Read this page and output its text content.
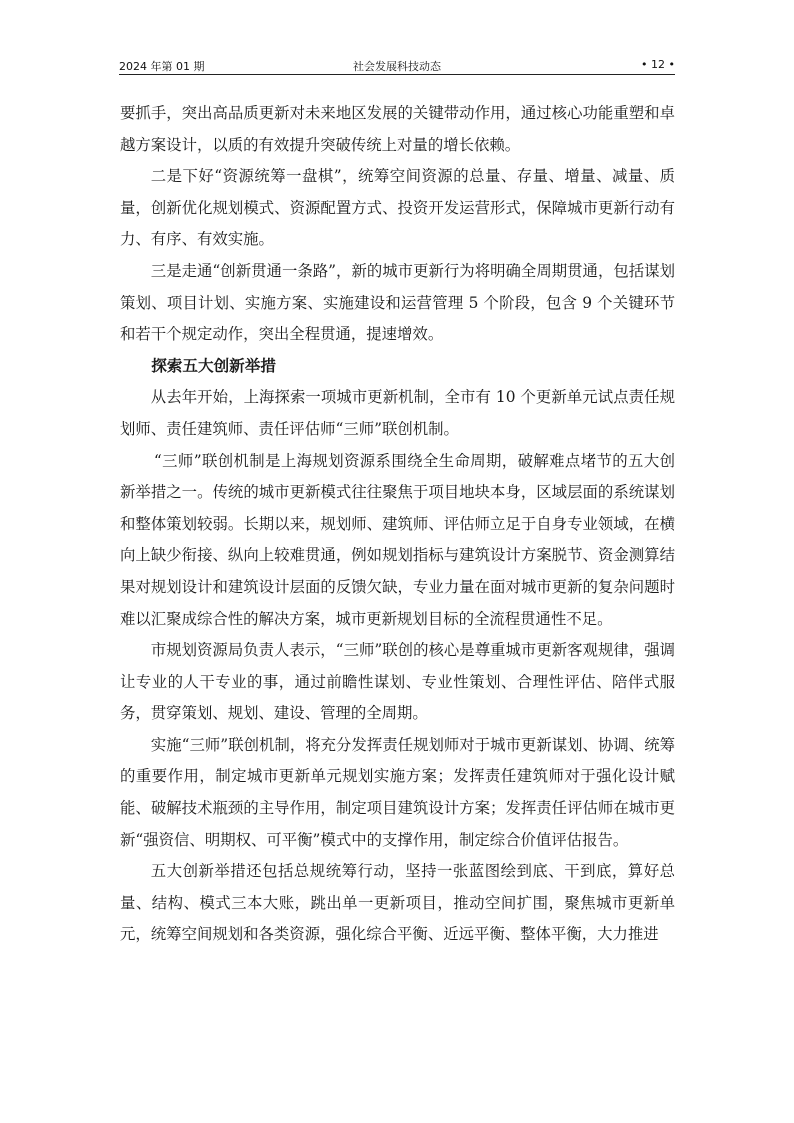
2024 年第 01 期	社会发展科技动态	• 12 •

要抓手，突出高品质更新对未来地区发展的关键带动作用，通过核心功能重塑和卓越方案设计，以质的有效提升突破传统上对量的增长依赖。

二是下好“资源统筹一盘棋”，统筹空间资源的总量、存量、增量、减量、质量，创新优化规划模式、资源配置方式、投资开发运营形式，保障城市更新行动有力、有序、有效实施。

三是走通“创新贯通一条路”，新的城市更新行为将明确全周期贯通，包括谋划策划、项目计划、实施方案、实施建设和运营管理 5 个阶段，包含 9 个关键环节和若干个规定动作，突出全程贯通，提速增效。

探索五大创新举措

从去年开始，上海探索一项城市更新机制，全市有 10 个更新单元试点责任规划师、责任建筑师、责任评估师“三师”联创机制。

“三师”联创机制是上海规划资源系围绕全生命周期，破解难点堵节的五大创新举措之一。传统的城市更新模式往往聚焦于项目地块本身，区域层面的系统谋划和整体策划较弱。长期以来，规划师、建筑师、评估师立足于自身专业领域，在横向上缺少衔接、纵向上较难贯通，例如规划指标与建筑设计方案脱节、资金测算结果对规划设计和建筑设计层面的反馈欠缺，专业力量在面对城市更新的复杂问题时难以汇聚成综合性的解决方案，城市更新规划目标的全流程贯通性不足。

市规划资源局负责人表示，“三师”联创的核心是尊重城市更新客观规律，强调让专业的人干专业的事，通过前瞻性谋划、专业性策划、合理性评估、陪伴式服务，贯穿策划、规划、建设、管理的全周期。

实施“三师”联创机制，将充分发挥责任规划师对于城市更新谋划、协调、统筹的重要作用，制定城市更新单元规划实施方案；发挥责任建筑师对于强化设计赋能、破解技术瓶颈的主导作用，制定项目建筑设计方案；发挥责任评估师在城市更新“强资信、明期权、可平衡”模式中的支撑作用，制定综合价值评估报告。

五大创新举措还包括总规统筹行动，坚持一张蓝图绘到底、干到底，算好总量、结构、模式三本大账，跳出单一更新项目，推动空间扩围，聚焦城市更新单元，统筹空间规划和各类资源，强化综合平衡、近远平衡、整体平衡，大力推进
